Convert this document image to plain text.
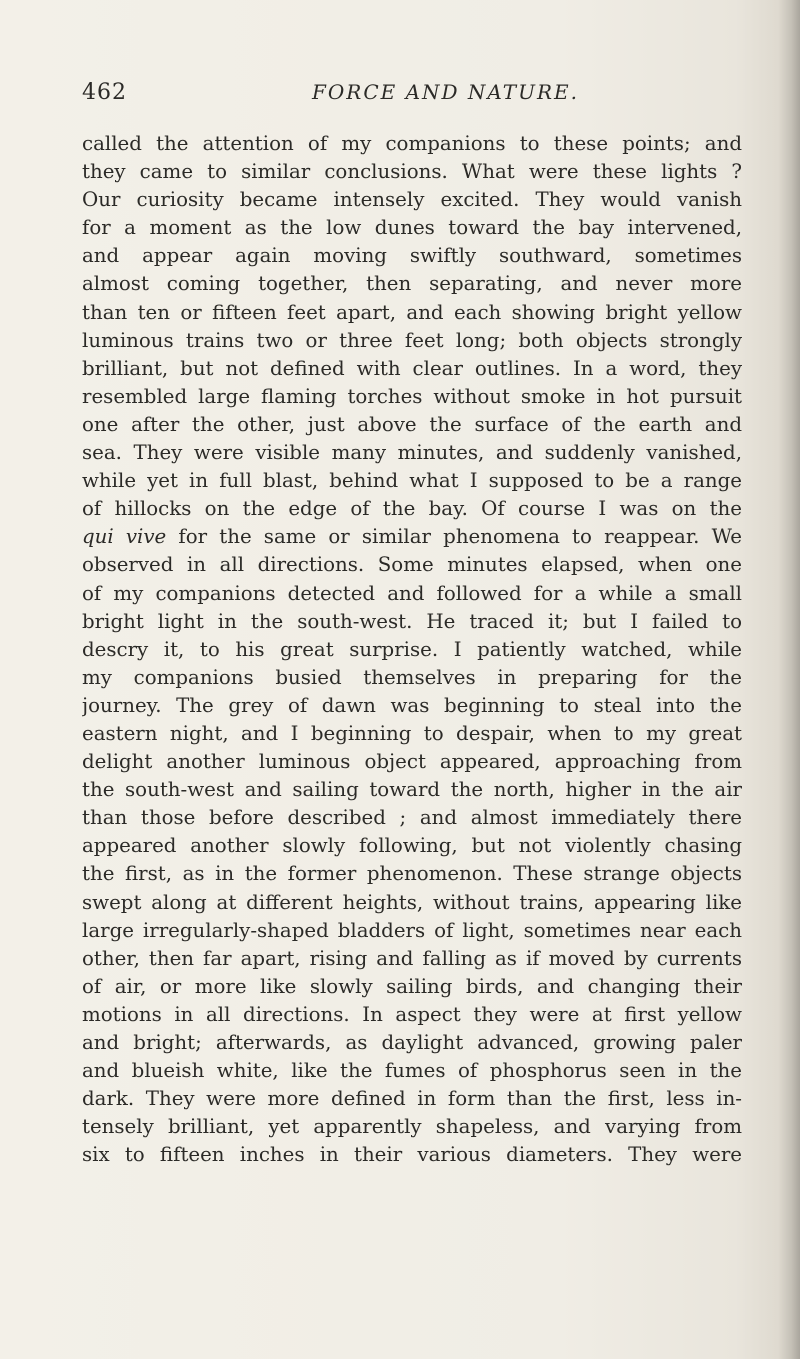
462	FORCE AND NATURE.
called the attention of my companions to these points; and
they came to similar conclusions. What were these lights ?
Our curiosity became intensely excited. They would vanish
for a moment as the low dunes toward the bay intervened,
and appear again moving swiftly southward, sometimes
almost coming together, then separating, and never more
than ten or fifteen feet apart, and each showing bright yellow
luminous trains two or three feet long; both objects strongly
brilliant, but not defined with clear outlines. In a word, they
resembled large flaming torches without smoke in hot pursuit
one after the other, just above the surface of the earth and
sea. They were visible many minutes, and suddenly vanished,
while yet in full blast, behind what I supposed to be a range
of hillocks on the edge of the bay. Of course I was on the
qui vive for the same or similar phenomena to reappear. We
observed in all directions. Some minutes elapsed, when one
of my companions detected and followed for a while a small
bright light in the south-west. He traced it; but I failed to
descry it, to his great surprise. I patiently watched, while
my companions busied themselves in preparing for the
journey. The grey of dawn was beginning to steal into the
eastern night, and I beginning to despair, when to my great
delight another luminous object appeared, approaching from
the south-west and sailing toward the north, higher in the air
than those before described ; and almost immediately there
appeared another slowly following, but not violently chasing
the first, as in the former phenomenon. These strange objects
swept along at different heights, without trains, appearing like
large irregularly-shaped bladders of light, sometimes near each
other, then far apart, rising and falling as if moved by currents
of air, or more like slowly sailing birds, and changing their
motions in all directions. In aspect they were at first yellow
and bright; afterwards, as daylight advanced, growing paler
and blueish white, like the fumes of phosphorus seen in the
dark. They were more defined in form than the first, less in-
tensely brilliant, yet apparently shapeless, and varying from
six to fifteen inches in their various diameters. They were
